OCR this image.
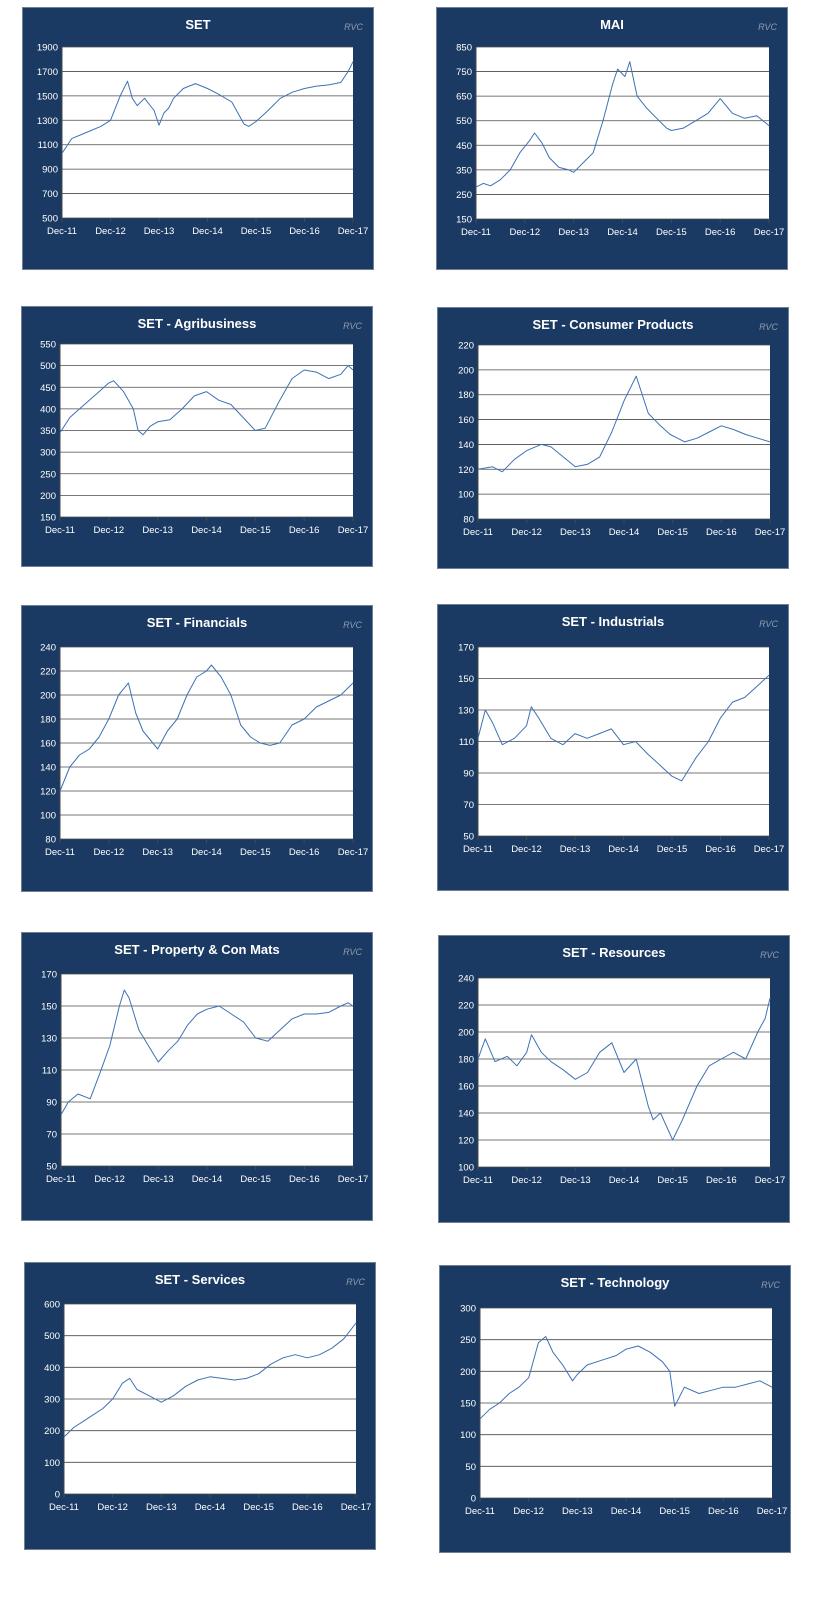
SET	RVC
500
700
900
1100
1300
1500
1700
1900
Dec-11 Dec-12 Dec-13 Dec-14 Dec-15 Dec-16 Dec-17
MAI	RVC
150
250
350
450
550
650
750
850
Dec-11 Dec-12 Dec-13 Dec-14 Dec-15 Dec-16 Dec-17
SET - Agribusiness	RVC
150
200
250
300
350
400
450
500
550
Dec-11 Dec-12 Dec-13 Dec-14 Dec-15 Dec-16 Dec-17
SET - Consumer Products	RVC
80
100
120
140
160
180
200
220
Dec-11 Dec-12 Dec-13 Dec-14 Dec-15 Dec-16 Dec-17
SET - Financials	RVC
80
100
120
140
160
180
200
220
240
Dec-11 Dec-12 Dec-13 Dec-14 Dec-15 Dec-16 Dec-17
SET - Industrials	RVC
50
70
90
110
130
150
170
Dec-11 Dec-12 Dec-13 Dec-14 Dec-15 Dec-16 Dec-17
SET - Property & Con Mats	RVC
50
70
90
110
130
150
170
Dec-11 Dec-12 Dec-13 Dec-14 Dec-15 Dec-16 Dec-17
SET - Resources	RVC
100
120
140
160
180
200
220
240
Dec-11 Dec-12 Dec-13 Dec-14 Dec-15 Dec-16 Dec-17
SET - Services	RVC
0
100
200
300
400
500
600
Dec-11 Dec-12 Dec-13 Dec-14 Dec-15 Dec-16 Dec-17
SET - Technology	RVC
0
50
100
150
200
250
300
Dec-11 Dec-12 Dec-13 Dec-14 Dec-15 Dec-16 Dec-17
